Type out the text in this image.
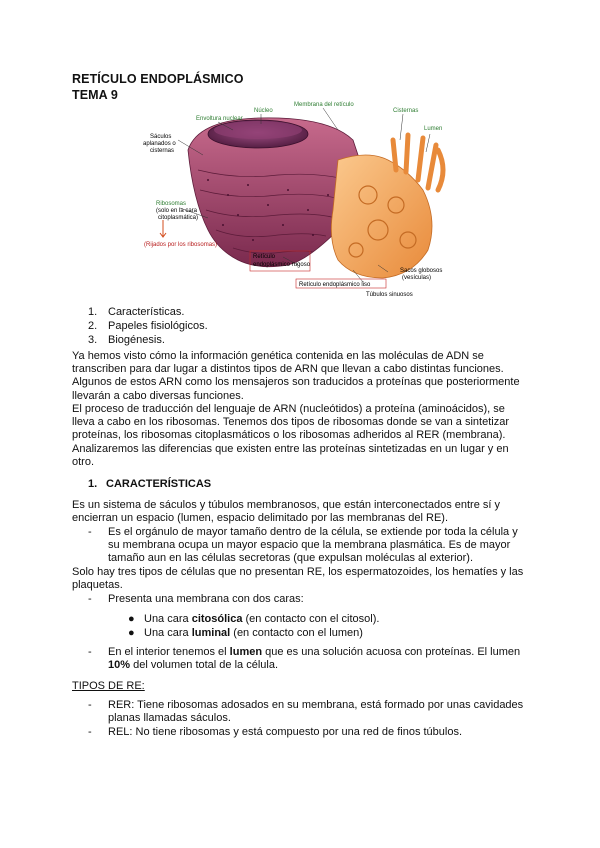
RETÍCULO ENDOPLÁSMICO
TEMA 9
Sáculos
aplanados o
cisternas
Envoltura nuclear
Núcleo
Membrana del retículo
Cisternas
Lumen
Ribosomas
(solo en la cara
citoplasmática)
(Rijados por los ribosomas)
Retículo
endoplásmico rugoso
Sacos globosos
(vesículas)
Retículo endoplásmico liso
Túbulos sinuosos
1. Características.
2. Papeles fisiológicos.
3. Biogénesis.
Ya hemos visto cómo la información genética contenida en las moléculas de ADN se
transcriben para dar lugar a distintos tipos de ARN que llevan a cabo distintas funciones.
Algunos de estos ARN como los mensajeros son traducidos a proteínas que posteriormente
llevarán a cabo diversas funciones.
El proceso de traducción del lenguaje de ARN (nucleótidos) a proteína (aminoácidos), se
lleva a cabo en los ribosomas. Tenemos dos tipos de ribosomas donde se van a sintetizar
proteínas, los ribosomas citoplasmáticos o los ribosomas adheridos al RER (membrana).
Analizaremos las diferencias que existen entre las proteínas sintetizadas en un lugar y en
otro.
1. CARACTERÍSTICAS
Es un sistema de sáculos y túbulos membranosos, que están interconectados entre sí y
encierran un espacio (lumen, espacio delimitado por las membranas del RE).
- Es el orgánulo de mayor tamaño dentro de la célula, se extiende por toda la célula y
su membrana ocupa un mayor espacio que la membrana plasmática. Es de mayor
tamaño aun en las células secretoras (que expulsan moléculas al exterior).
Solo hay tres tipos de células que no presentan RE, los espermatozoides, los hematíes y las
plaquetas.
- Presenta una membrana con dos caras:
● Una cara citosólica (en contacto con el citosol).
● Una cara luminal (en contacto con el lumen)
- En el interior tenemos el lumen que es una solución acuosa con proteínas. El lumen
10% del volumen total de la célula.
TIPOS DE RE:
- RER: Tiene ribosomas adosados en su membrana, está formado por unas cavidades
planas llamadas sáculos.
- REL: No tiene ribosomas y está compuesto por una red de finos túbulos.
